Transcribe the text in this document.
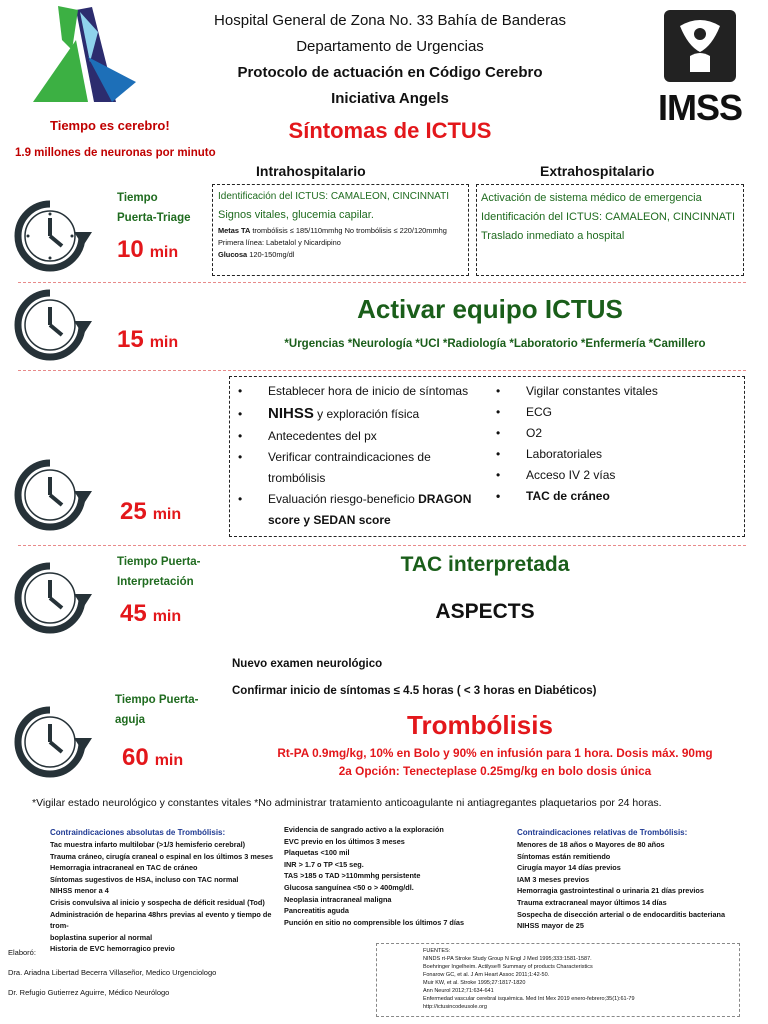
Hospital General de Zona No. 33 Bahía de Banderas
Departamento de Urgencias
Protocolo de actuación en Código Cerebro
Iniciativa Angels	IMSS
Tiempo es cerebro!
1.9 millones de neuronas por minuto
Síntomas de ICTUS
Intrahospitalario	Extrahospitalario
Tiempo
Puerta-Triage
10 min
Identificación del ICTUS: CAMALEON, CINCINNATI
Signos vitales, glucemia capilar.
Metas TA trombólisis ≤ 185/110mmhg No trombólisis ≤ 220/120mmhg Primera línea: Labetalol y Nicardipino
Glucosa 120-150mg/dl
Activación de sistema médico de emergencia
Identificación del ICTUS: CAMALEON, CINCINNATI
Traslado inmediato a hospital
15 min
Activar equipo ICTUS
*Urgencias *Neurología *UCI *Radiología *Laboratorio *Enfermería *Camillero
25 min
• Establecer hora de inicio de síntomas
• NIHSS y exploración física
• Antecedentes del px
• Verificar contraindicaciones de trombólisis
• Evaluación riesgo-beneficio DRAGON score y SEDAN score
• Vigilar constantes vitales
• ECG
• O2
• Laboratoriales
• Acceso IV 2 vías
• TAC de cráneo
Tiempo Puerta-
Interpretación
45 min
TAC interpretada
ASPECTS
Nuevo examen neurológico
Confirmar inicio de síntomas ≤ 4.5 horas ( < 3 horas en Diabéticos)
Tiempo Puerta-
aguja
60 min
Trombólisis
Rt-PA 0.9mg/kg, 10% en Bolo y 90% en infusión para 1 hora. Dosis máx. 90mg
2a Opción: Tenecteplase 0.25mg/kg en bolo dosis única
*Vigilar estado neurológico y constantes vitales *No administrar tratamiento anticoagulante ni antiagregantes plaquetarios por 24 horas.
Contraindicaciones absolutas de Trombólisis:
Tac muestra infarto multilobar (>1/3 hemisferio cerebral)
Trauma cráneo, cirugía craneal o espinal en los últimos 3 meses
Hemorragia intracraneal en TAC de cráneo
Síntomas sugestivos de HSA, incluso con TAC normal
NIHSS menor a 4
Crisis convulsiva al inicio y sospecha de déficit residual (Tod)
Administración de heparina 48hrs previas al evento y tiempo de trom-
boplastina superior al normal
Historia de EVC hemorragico previo
Evidencia de sangrado activo a la exploración
EVC previo en los últimos 3 meses
Plaquetas <100 mil
INR > 1.7 o TP <15 seg.
TAS >185 o TAD >110mmhg persistente
Glucosa sanguínea <50 o > 400mg/dl.
Neoplasia intracraneal maligna
Pancreatitis aguda
Punción en sitio no comprensible los últimos 7 días
Contraindicaciones relativas de Trombólisis:
Menores de 18 años o Mayores de 80 años
Síntomas están remitiendo
Cirugía mayor 14 días previos
IAM 3 meses previos
Hemorragia gastrointestinal o urinaria 21 días previos
Trauma extracraneal mayor últimos 14 días
Sospecha de disección arterial o de endocarditis bacteriana
NIHSS mayor de 25
Elaboró:
Dra. Ariadna Libertad Becerra Villaseñor, Medico Urgenciologo
Dr. Refugio Gutierrez Aguirre, Médico Neurólogo
FUENTES:
NINDS rt-PA Stroke Study Group N Engl J Med 1995;333:1581-1587.
Boehringer Ingelheim. Actilyse® Summary of products Characteristics
Fonarow GC, et al. J Am Heart Assoc 2011;1:42-50.
Muir KW, et al. Stroke 1995;27:1817-1820
Ann Neurol 2012;71:634-641
Enfermedad vascular cerebral isquémica. Med Int Mex 2019 enero-febrero;35(1):61-79
http://ictusincodeusole.org
